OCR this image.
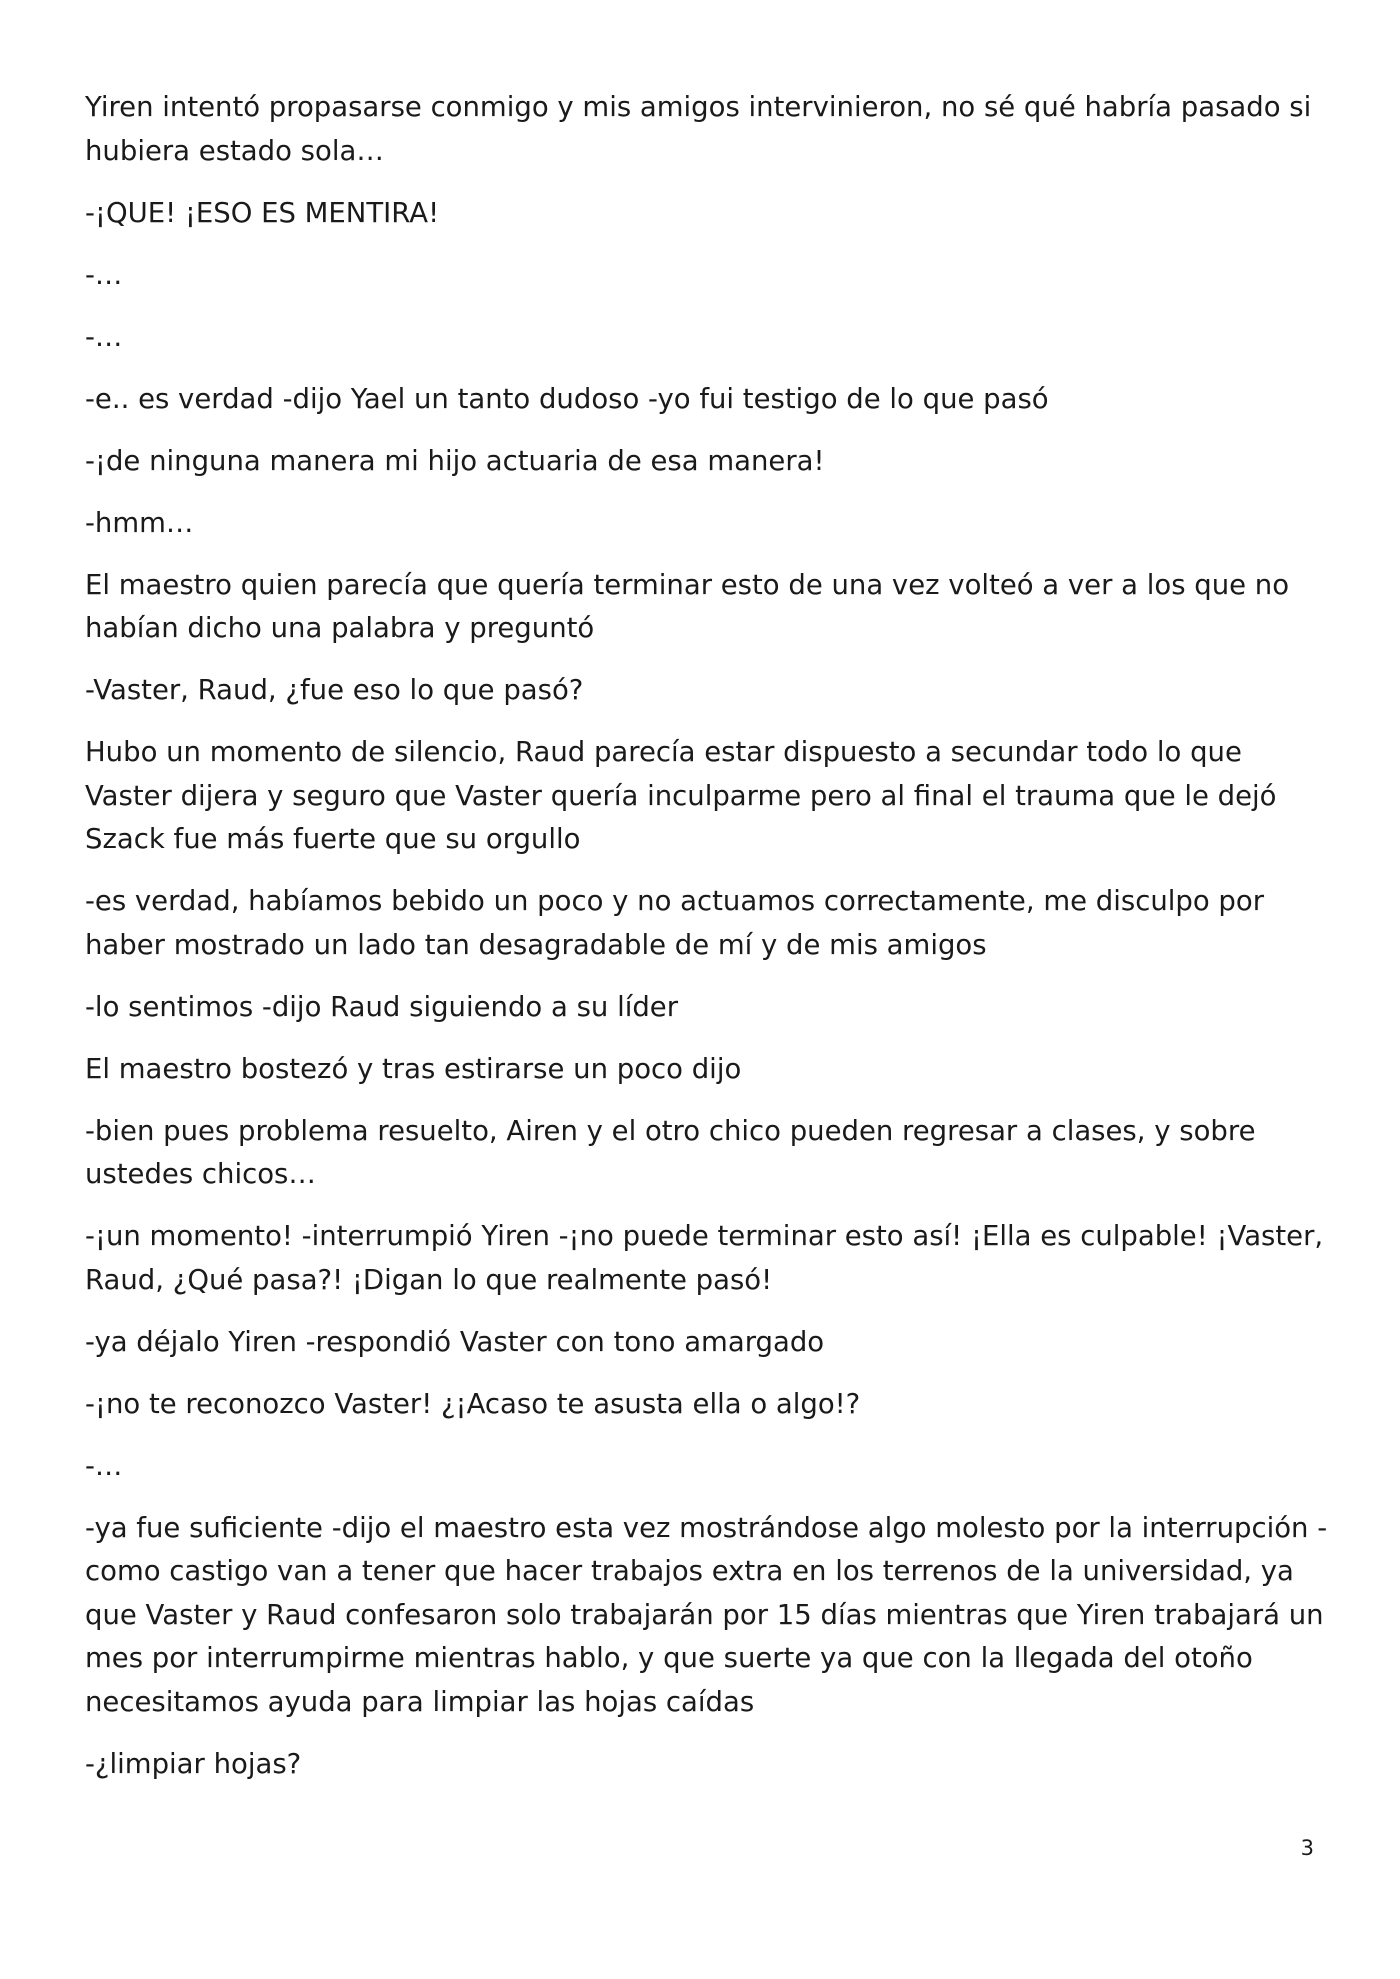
Yiren intentó propasarse conmigo y mis amigos intervinieron, no sé qué habría pasado si hubiera estado sola…

-¡QUE! ¡ESO ES MENTIRA!

-…

-…

-e.. es verdad -dijo Yael un tanto dudoso -yo fui testigo de lo que pasó

-¡de ninguna manera mi hijo actuaria de esa manera!

-hmm…

El maestro quien parecía que quería terminar esto de una vez volteó a ver a los que no habían dicho una palabra y preguntó

-Vaster, Raud, ¿fue eso lo que pasó?

Hubo un momento de silencio, Raud parecía estar dispuesto a secundar todo lo que Vaster dijera y seguro que Vaster quería inculparme pero al final el trauma que le dejó Szack fue más fuerte que su orgullo

-es verdad, habíamos bebido un poco y no actuamos correctamente, me disculpo por haber mostrado un lado tan desagradable de mí y de mis amigos

-lo sentimos -dijo Raud siguiendo a su líder

El maestro bostezó y tras estirarse un poco dijo

-bien pues problema resuelto, Airen y el otro chico pueden regresar a clases, y sobre ustedes chicos…

-¡un momento! -interrumpió Yiren -¡no puede terminar esto así! ¡Ella es culpable! ¡Vaster, Raud, ¿Qué pasa?! ¡Digan lo que realmente pasó!

-ya déjalo Yiren -respondió Vaster con tono amargado

-¡no te reconozco Vaster! ¿¡Acaso te asusta ella o algo!?

-…

-ya fue suficiente -dijo el maestro esta vez mostrándose algo molesto por la interrupción -como castigo van a tener que hacer trabajos extra en los terrenos de la universidad, ya que Vaster y Raud confesaron solo trabajarán por 15 días mientras que Yiren trabajará un mes por interrumpirme mientras hablo, y que suerte ya que con la llegada del otoño necesitamos ayuda para limpiar las hojas caídas

-¿limpiar hojas?

3
